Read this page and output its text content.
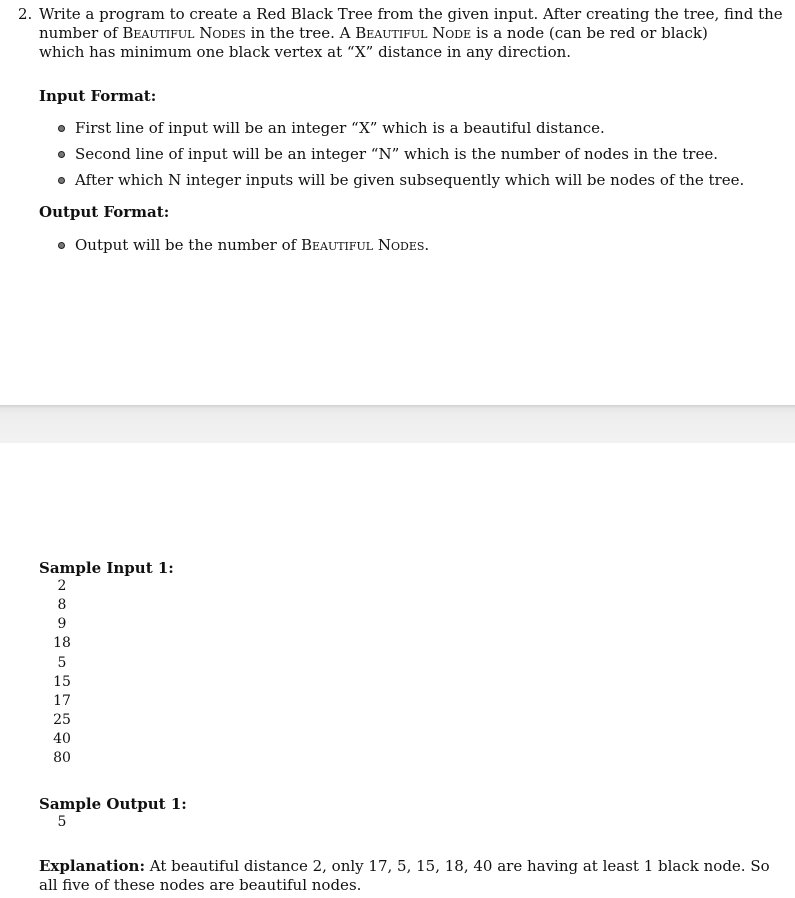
2. Write a program to create a Red Black Tree from the given input. After creating the tree, find the
number of Beautiful Nodes in the tree. A Beautiful Node is a node (can be red or black)
which has minimum one black vertex at “X” distance in any direction.
Input Format:
First line of input will be an integer “X” which is a beautiful distance.
Second line of input will be an integer “N” which is the number of nodes in the tree.
After which N integer inputs will be given subsequently which will be nodes of the tree.
Output Format:
Output will be the number of Beautiful Nodes.
Sample Input 1:
2
8
9
18
5
15
17
25
40
80
Sample Output 1:
5
Explanation: At beautiful distance 2, only 17, 5, 15, 18, 40 are having at least 1 black node. So
all five of these nodes are beautiful nodes.
